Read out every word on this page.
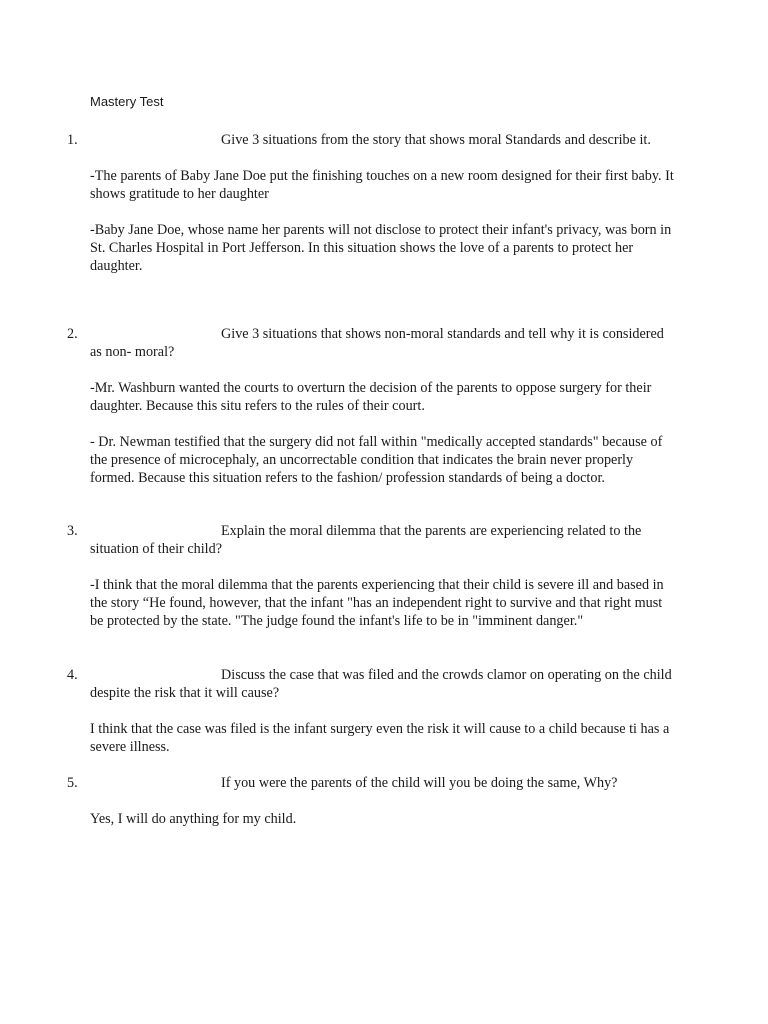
Mastery Test
1.	Give 3 situations from the story that shows moral Standards and describe it.

-The parents of Baby Jane Doe put the finishing touches on a new room designed for their first baby. It shows gratitude to her daughter

-Baby Jane Doe, whose name her parents will not disclose to protect their infant's privacy, was born in St. Charles Hospital in Port Jefferson. In this situation shows the love of a parents to protect her daughter.

2.	Give 3 situations that shows non-moral standards and tell why it is considered as non- moral?

-Mr. Washburn wanted the courts to overturn the decision of the parents to oppose surgery for their daughter. Because this situ refers to the rules of their court.

- Dr. Newman testified that the surgery did not fall within "medically accepted standards" because of the presence of microcephaly, an uncorrectable condition that indicates the brain never properly formed. Because this situation refers to the fashion/ profession standards of being a doctor.

3.	Explain the moral dilemma that the parents are experiencing related to the situation of their child?

-I think that the moral dilemma that the parents experiencing that their child is severe ill and based in the story “He found, however, that the infant "has an independent right to survive and that right must be protected by the state. "The judge found the infant's life to be in "imminent danger."

4.	Discuss the case that was filed and the crowds clamor on operating on the child despite the risk that it will cause?

I think that the case was filed is the infant surgery even the risk it will cause to a child because ti has a severe illness.

5.	If you were the parents of the child will you be doing the same, Why?

Yes, I will do anything for my child.
